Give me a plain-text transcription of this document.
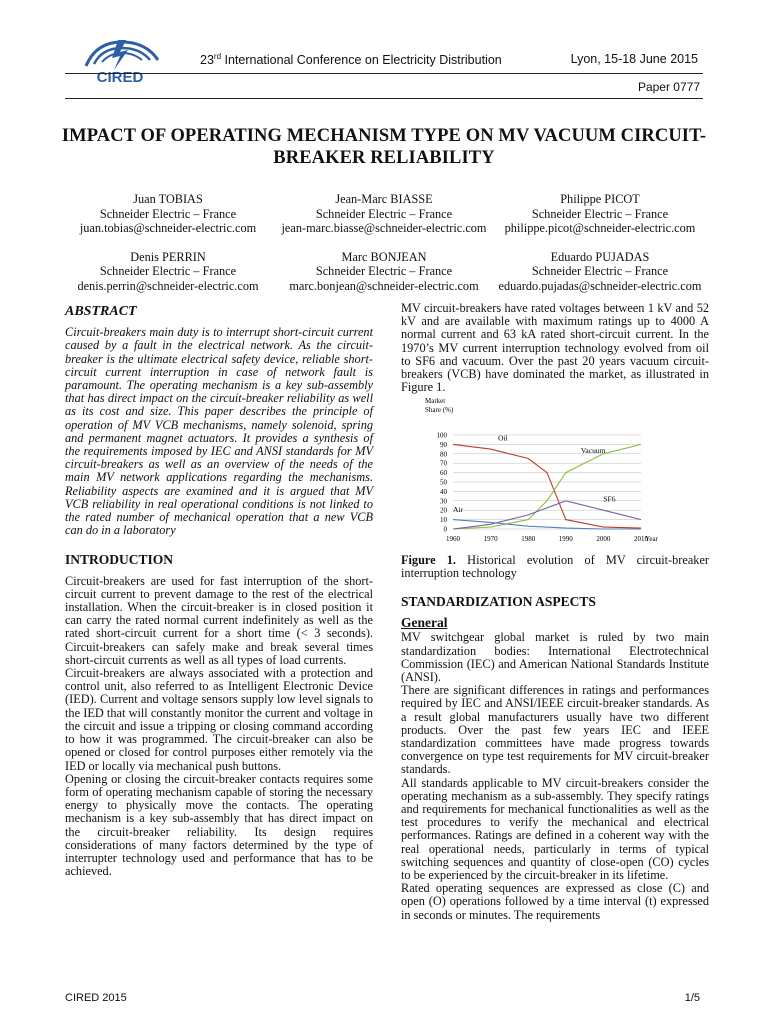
CIRED
23rd International Conference on Electricity Distribution	Lyon, 15-18 June 2015
Paper 0777
IMPACT OF OPERATING MECHANISM TYPE ON MV VACUUM CIRCUIT-
BREAKER RELIABILITY
Juan TOBIAS
Schneider Electric – France
juan.tobias@schneider-electric.com
Jean-Marc BIASSE
Schneider Electric – France
jean-marc.biasse@schneider-electric.com
Philippe PICOT
Schneider Electric – France
philippe.picot@schneider-electric.com
Denis PERRIN
Schneider Electric – France
denis.perrin@schneider-electric.com
Marc BONJEAN
Schneider Electric – France
marc.bonjean@schneider-electric.com
Eduardo PUJADAS
Schneider Electric – France
eduardo.pujadas@schneider-electric.com
ABSTRACT
Circuit-breakers main duty is to interrupt short-circuit current caused by a fault in the electrical network. As the circuit-breaker is the ultimate electrical safety device, reliable short-circuit current interruption in case of network fault is paramount. The operating mechanism is a key sub-assembly that has direct impact on the circuit-breaker reliability as well as its cost and size. This paper describes the principle of operation of MV VCB mechanisms, namely solenoid, spring and permanent magnet actuators. It provides a synthesis of the requirements imposed by IEC and ANSI standards for MV circuit-breakers as well as an overview of the needs of the main MV network applications regarding the mechanisms. Reliability aspects are examined and it is argued that MV VCB reliability in real operational conditions is not linked to the rated number of mechanical operation that a new VCB can do in a laboratory
INTRODUCTION

Circuit-breakers are used for fast interruption of the short-circuit current to prevent damage to the rest of the electrical installation. When the circuit-breaker is in closed position it can carry the rated normal current indefinitely as well as the rated short-circuit current for a short time (< 3 seconds). Circuit-breakers can safely make and break several times short-circuit currents as well as all types of load currents.

Circuit-breakers are always associated with a protection and control unit, also referred to as Intelligent Electronic Device (IED). Current and voltage sensors supply low level signals to the IED that will constantly monitor the current and voltage in the circuit and issue a tripping or closing command according to how it was programmed. The circuit-breaker can also be opened or closed for control purposes either remotely via the IED or locally via mechanical push buttons.

Opening or closing the circuit-breaker contacts requires some form of operating mechanism capable of storing the necessary energy to physically move the contacts. The operating mechanism is a key sub-assembly that has direct impact on the circuit-breaker reliability. Its design requires considerations of many factors determined by the type of interrupter technology used and performance that has to be achieved.

MV circuit-breakers have rated voltages between 1 kV and 52 kV and are available with maximum ratings up to 4000 A normal current and 63 kA rated short-circuit current. In the 1970’s MV current interruption technology evolved from oil to SF6 and vacuum. Over the past 20 years vacuum circuit-breakers (VCB) have dominated the market, as illustrated in Figure 1.

Market
Share (%)
0
10
20
30
40
50
60
70
80
90
100
1960	1970	1980	1990	2000	2010
Year
Oil
Vacuum
SF6
Air
Figure 1. Historical evolution of MV circuit-breaker interruption technology
STANDARDIZATION ASPECTS
General

MV switchgear global market is ruled by two main standardization bodies: International Electrotechnical Commission (IEC) and American National Standards Institute (ANSI).

There are significant differences in ratings and performances required by IEC and ANSI/IEEE circuit-breaker standards. As a result global manufacturers usually have two different products. Over the past few years IEC and IEEE standardization committees have made progress towards convergence on type test requirements for MV circuit-breaker standards.

All standards applicable to MV circuit-breakers consider the operating mechanism as a sub-assembly. They specify ratings and requirements for mechanical functionalities as well as the test procedures to verify the mechanical and electrical performances. Ratings are defined in a coherent way with the real operational needs, particularly in terms of typical switching sequences and quantity of close-open (CO) cycles to be experienced by the circuit-breaker in its lifetime.

Rated operating sequences are expressed as close (C) and open (O) operations followed by a time interval (t) expressed in seconds or minutes. The requirements

CIRED 2015	1/5
